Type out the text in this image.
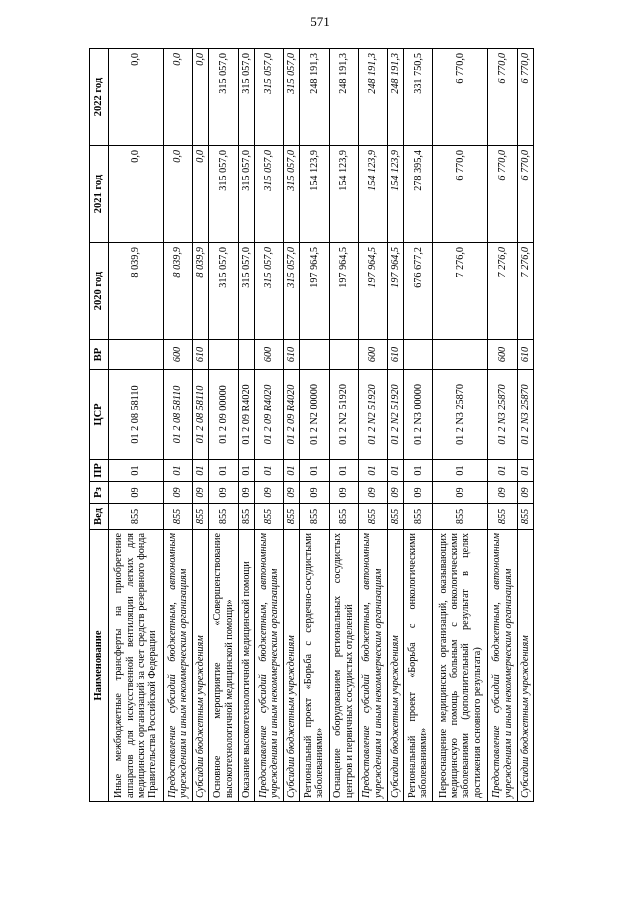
571
Наименование	Вед	Рз	ПР	ЦСР	ВР	2020 год	2021 год	2022 год
Иные межбюджетные трансферты на приобретение аппаратов для искусственной вентиляции легких для медицинских организаций за счет средств резервного фонда Правительства Российской Федерации	855	09	01	01 2 08 58110		8 039,9	0,0	0,0
Предоставление субсидий бюджетным, автономным учреждениям и иным некоммерческим организациям	855	09	01	01 2 08 58110	600	8 039,9	0,0	0,0
Субсидии бюджетным учреждениям	855	09	01	01 2 08 58110	610	8 039,9	0,0	0,0
Основное мероприятие «Совершенствование высокотехнологичной медицинской помощи»	855	09	01	01 2 09 00000		315 057,0	315 057,0	315 057,0
Оказание высокотехнологичной медицинской помощи	855	09	01	01 2 09 R4020		315 057,0	315 057,0	315 057,0
Предоставление субсидий бюджетным, автономным учреждениям и иным некоммерческим организациям	855	09	01	01 2 09 R4020	600	315 057,0	315 057,0	315 057,0
Субсидии бюджетным учреждениям	855	09	01	01 2 09 R4020	610	315 057,0	315 057,0	315 057,0
Региональный проект «Борьба с сердечно-сосудистыми заболеваниями»	855	09	01	01 2 N2 00000		197 964,5	154 123,9	248 191,3
Оснащение оборудованием региональных сосудистых центров и первичных сосудистых отделений	855	09	01	01 2 N2 51920		197 964,5	154 123,9	248 191,3
Предоставление субсидий бюджетным, автономным учреждениям и иным некоммерческим организациям	855	09	01	01 2 N2 51920	600	197 964,5	154 123,9	248 191,3
Субсидии бюджетным учреждениям	855	09	01	01 2 N2 51920	610	197 964,5	154 123,9	248 191,3
Региональный проект «Борьба с онкологическими заболеваниями»	855	09	01	01 2 N3 00000		676 677,2	278 395,4	331 750,5
Переоснащение медицинских организаций, оказывающих медицинскую помощь больным с онкологическими заболеваниями (дополнительный результат в целях достижения основного результата)	855	09	01	01 2 N3 25870		7 276,0	6 770,0	6 770,0
Предоставление субсидий бюджетным, автономным учреждениям и иным некоммерческим организациям	855	09	01	01 2 N3 25870	600	7 276,0	6 770,0	6 770,0
Субсидии бюджетным учреждениям	855	09	01	01 2 N3 25870	610	7 276,0	6 770,0	6 770,0
